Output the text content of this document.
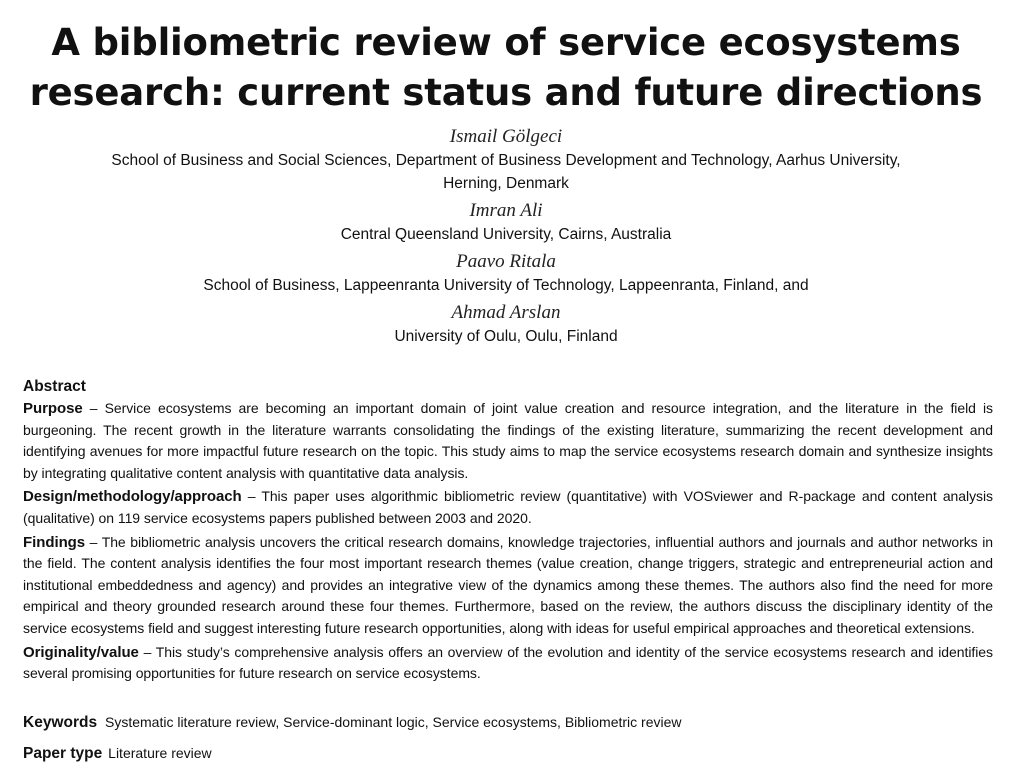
A bibliometric review of service ecosystems
research: current status and future directions
Ismail Gölgeci
School of Business and Social Sciences, Department of Business Development and Technology, Aarhus University,
Herning, Denmark
Imran Ali
Central Queensland University, Cairns, Australia
Paavo Ritala
School of Business, Lappeenranta University of Technology, Lappeenranta, Finland, and
Ahmad Arslan
University of Oulu, Oulu, Finland
Abstract

Purpose – Service ecosystems are becoming an important domain of joint value creation and resource integration, and the literature in the field is burgeoning. The recent growth in the literature warrants consolidating the findings of the existing literature, summarizing the recent development and identifying avenues for more impactful future research on the topic. This study aims to map the service ecosystems research domain and synthesize insights by integrating qualitative content analysis with quantitative data analysis.

Design/methodology/approach – This paper uses algorithmic bibliometric review (quantitative) with VOSviewer and R-package and content analysis (qualitative) on 119 service ecosystems papers published between 2003 and 2020.

Findings – The bibliometric analysis uncovers the critical research domains, knowledge trajectories, influential authors and journals and author networks in the field. The content analysis identifies the four most important research themes (value creation, change triggers, strategic and entrepreneurial action and institutional embeddedness and agency) and provides an integrative view of the dynamics among these themes. The authors also find the need for more empirical and theory grounded research around these four themes. Furthermore, based on the review, the authors discuss the disciplinary identity of the service ecosystems field and suggest interesting future research opportunities, along with ideas for useful empirical approaches and theoretical extensions.

Originality/value – This study’s comprehensive analysis offers an overview of the evolution and identity of the service ecosystems research and identifies several promising opportunities for future research on service ecosystems.

Keywords Systematic literature review, Service-dominant logic, Service ecosystems, Bibliometric review
Paper type Literature review
